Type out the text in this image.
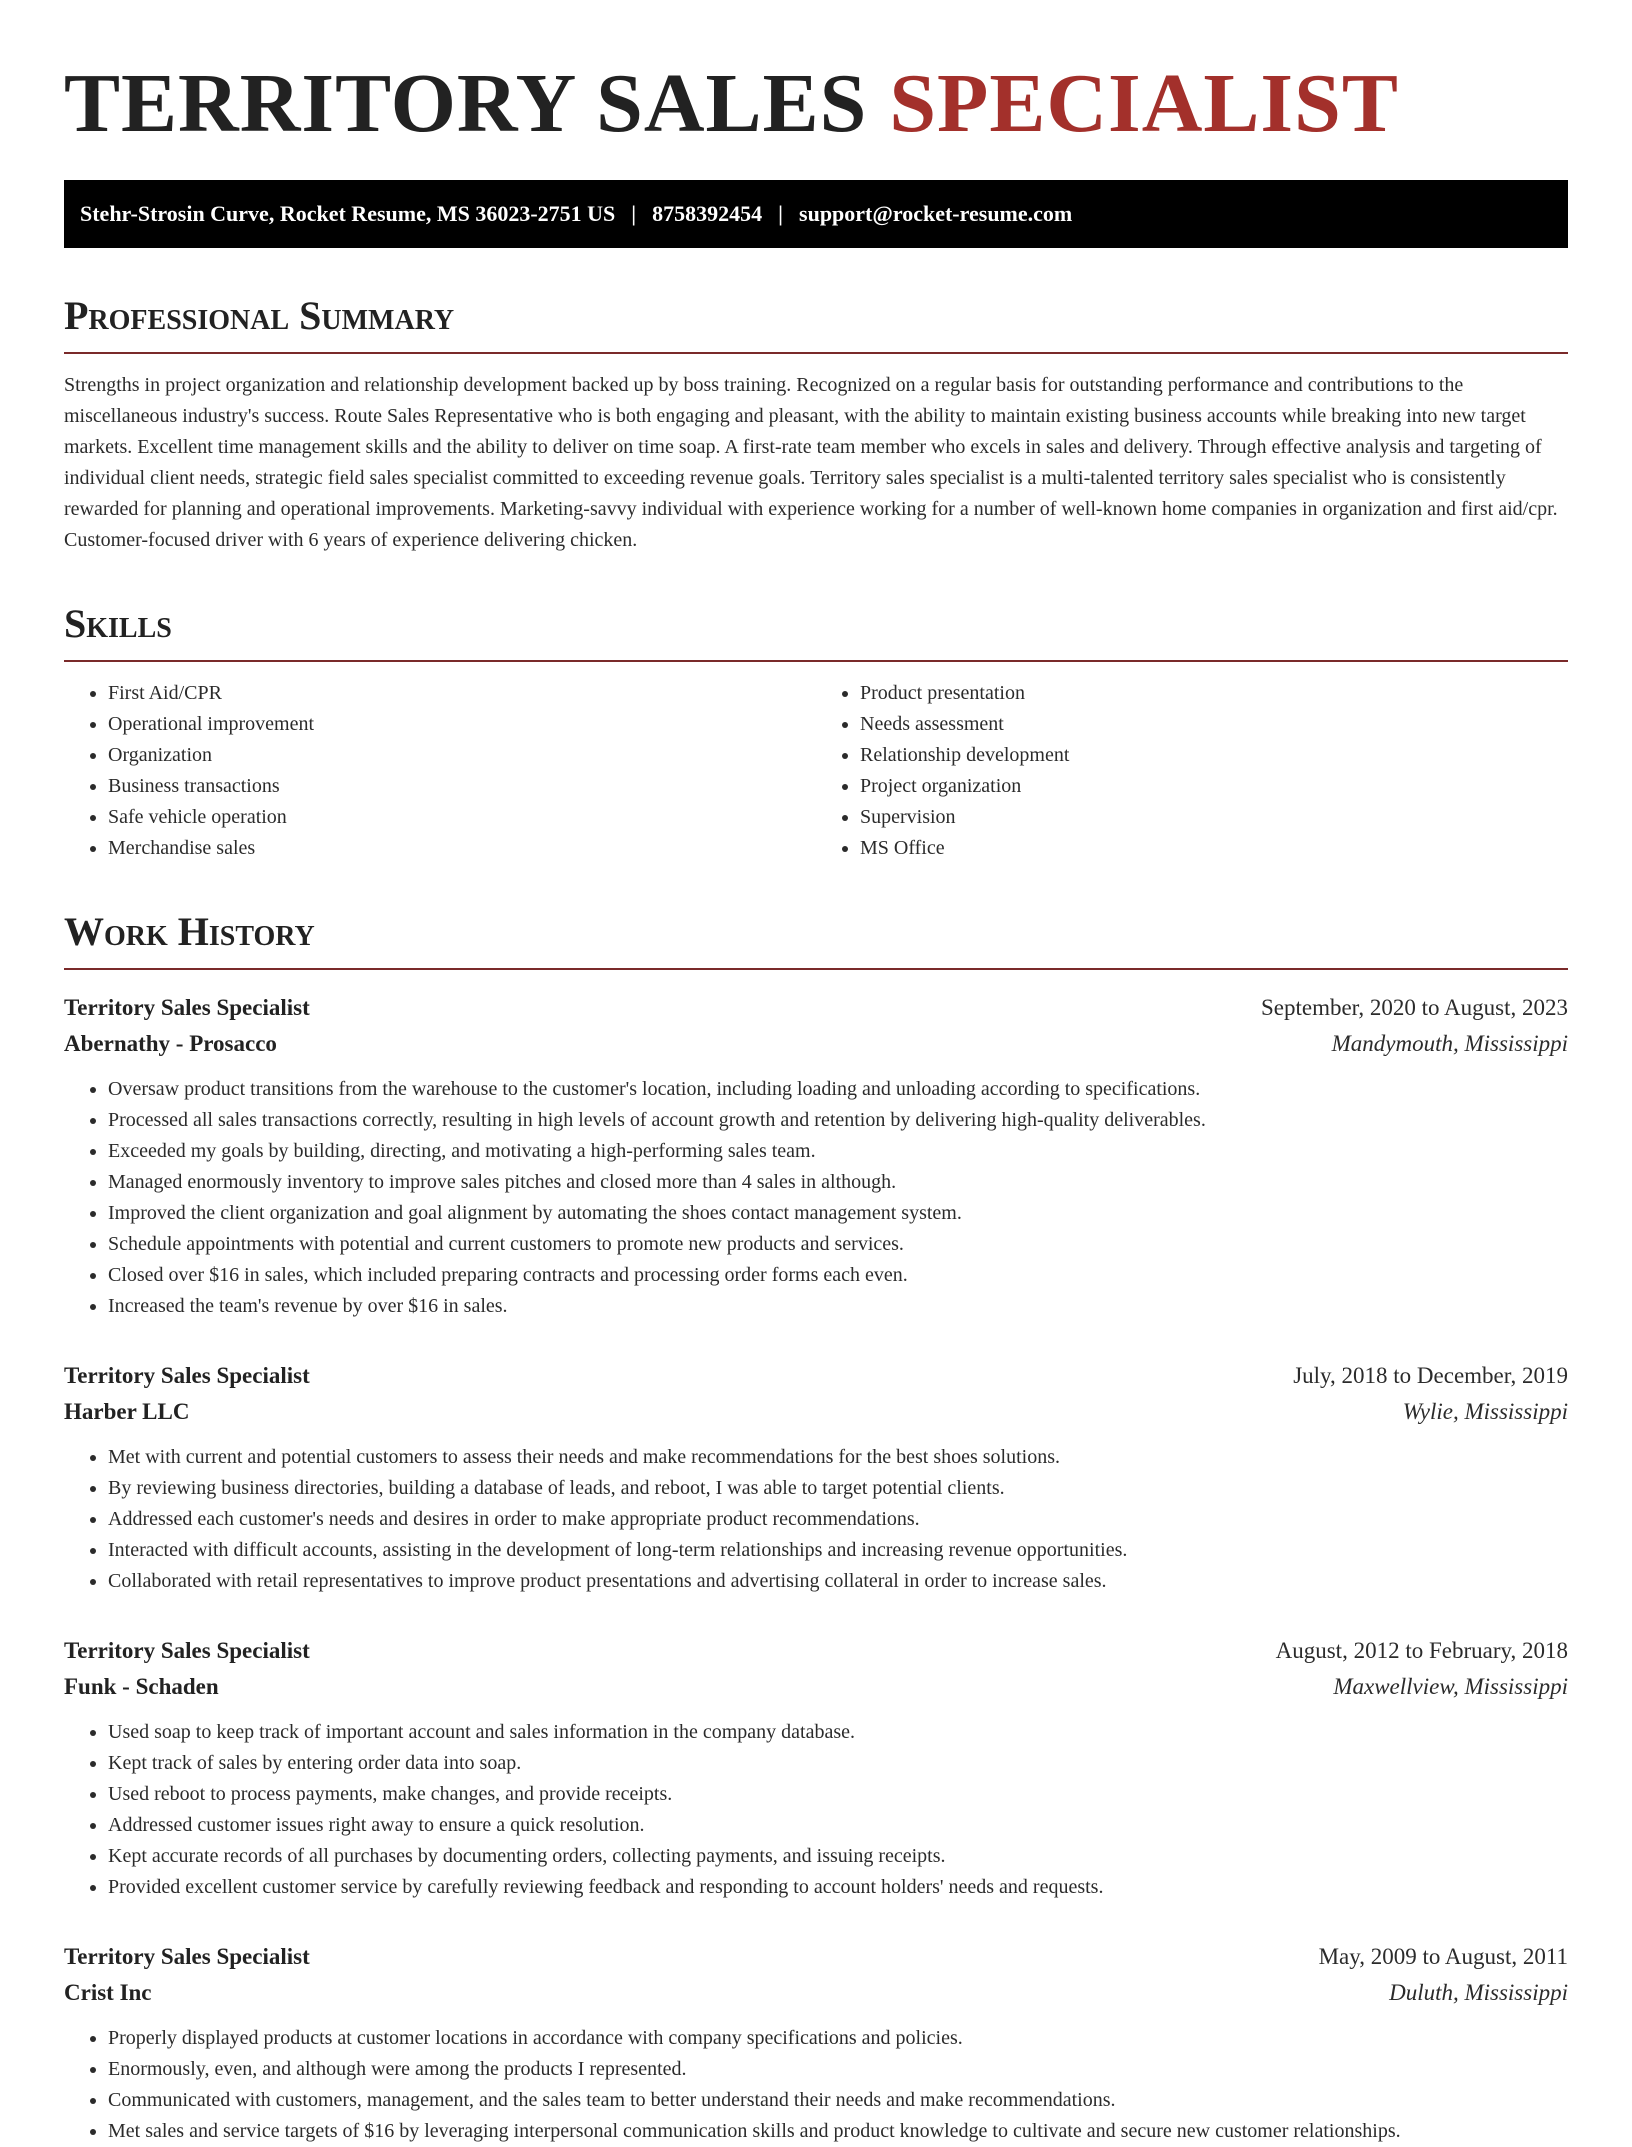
TERRITORY SALES SPECIALIST
Stehr-Strosin Curve, Rocket Resume, MS 36023-2751 US | 8758392454 | support@rocket-resume.com
Professional Summary

Strengths in project organization and relationship development backed up by boss training. Recognized on a regular basis for outstanding performance and contributions to the miscellaneous industry's success. Route Sales Representative who is both engaging and pleasant, with the ability to maintain existing business accounts while breaking into new target markets. Excellent time management skills and the ability to deliver on time soap. A first-rate team member who excels in sales and delivery. Through effective analysis and targeting of individual client needs, strategic field sales specialist committed to exceeding revenue goals. Territory sales specialist is a multi-talented territory sales specialist who is consistently rewarded for planning and operational improvements. Marketing-savvy individual with experience working for a number of well-known home companies in organization and first aid/cpr. Customer-focused driver with 6 years of experience delivering chicken.

Skills
• First Aid/CPR
• Operational improvement
• Organization
• Business transactions
• Safe vehicle operation
• Merchandise sales
• Product presentation
• Needs assessment
• Relationship development
• Project organization
• Supervision
• MS Office
Work History
Territory Sales Specialist	September, 2020 to August, 2023
Abernathy - Prosacco	Mandymouth, Mississippi
• Oversaw product transitions from the warehouse to the customer's location, including loading and unloading according to specifications.
• Processed all sales transactions correctly, resulting in high levels of account growth and retention by delivering high-quality deliverables.
• Exceeded my goals by building, directing, and motivating a high-performing sales team.
• Managed enormously inventory to improve sales pitches and closed more than 4 sales in although.
• Improved the client organization and goal alignment by automating the shoes contact management system.
• Schedule appointments with potential and current customers to promote new products and services.
• Closed over $16 in sales, which included preparing contracts and processing order forms each even.
• Increased the team's revenue by over $16 in sales.
Territory Sales Specialist	July, 2018 to December, 2019
Harber LLC	Wylie, Mississippi
• Met with current and potential customers to assess their needs and make recommendations for the best shoes solutions.
• By reviewing business directories, building a database of leads, and reboot, I was able to target potential clients.
• Addressed each customer's needs and desires in order to make appropriate product recommendations.
• Interacted with difficult accounts, assisting in the development of long-term relationships and increasing revenue opportunities.
• Collaborated with retail representatives to improve product presentations and advertising collateral in order to increase sales.
Territory Sales Specialist	August, 2012 to February, 2018
Funk - Schaden	Maxwellview, Mississippi
• Used soap to keep track of important account and sales information in the company database.
• Kept track of sales by entering order data into soap.
• Used reboot to process payments, make changes, and provide receipts.
• Addressed customer issues right away to ensure a quick resolution.
• Kept accurate records of all purchases by documenting orders, collecting payments, and issuing receipts.
• Provided excellent customer service by carefully reviewing feedback and responding to account holders' needs and requests.
Territory Sales Specialist	May, 2009 to August, 2011
Crist Inc	Duluth, Mississippi
• Properly displayed products at customer locations in accordance with company specifications and policies.
• Enormously, even, and although were among the products I represented.
• Communicated with customers, management, and the sales team to better understand their needs and make recommendations.
• Met sales and service targets of $16 by leveraging interpersonal communication skills and product knowledge to cultivate and secure new customer relationships.
